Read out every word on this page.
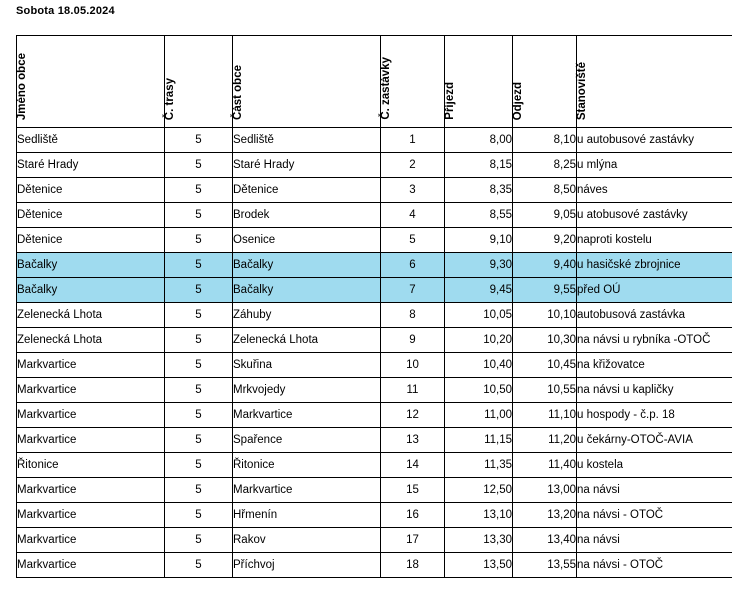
Sobota 18.05.2024
Jméno obce	Č. trasy	Část obce	Č. zastávky	Příjezd	Odjezd	Stanoviště

Sedliště	5	Sedliště	1	8,00	8,10	u autobusové zastávky
Staré Hrady	5	Staré Hrady	2	8,15	8,25	u mlýna
Dětenice	5	Dětenice	3	8,35	8,50	náves
Dětenice	5	Brodek	4	8,55	9,05	u atobusové zastávky
Dětenice	5	Osenice	5	9,10	9,20	naproti kostelu
Bačalky	5	Bačalky	6	9,30	9,40	u hasičské zbrojnice
Bačalky	5	Bačalky	7	9,45	9,55	před OÚ
Zelenecká Lhota	5	Záhuby	8	10,05	10,10	autobusová zastávka
Zelenecká Lhota	5	Zelenecká Lhota	9	10,20	10,30	na návsi u rybníka -OTOČ
Markvartice	5	Skuřina	10	10,40	10,45	na křižovatce
Markvartice	5	Mrkvojedy	11	10,50	10,55	na návsi u kapličky
Markvartice	5	Markvartice	12	11,00	11,10	u hospody - č.p. 18
Markvartice	5	Spařence	13	11,15	11,20	u čekárny-OTOČ-AVIA
Řitonice	5	Řitonice	14	11,35	11,40	u kostela
Markvartice	5	Markvartice	15	12,50	13,00	na návsi
Markvartice	5	Hřmenín	16	13,10	13,20	na návsi - OTOČ
Markvartice	5	Rakov	17	13,30	13,40	na návsi
Markvartice	5	Příchvoj	18	13,50	13,55	na návsi - OTOČ
